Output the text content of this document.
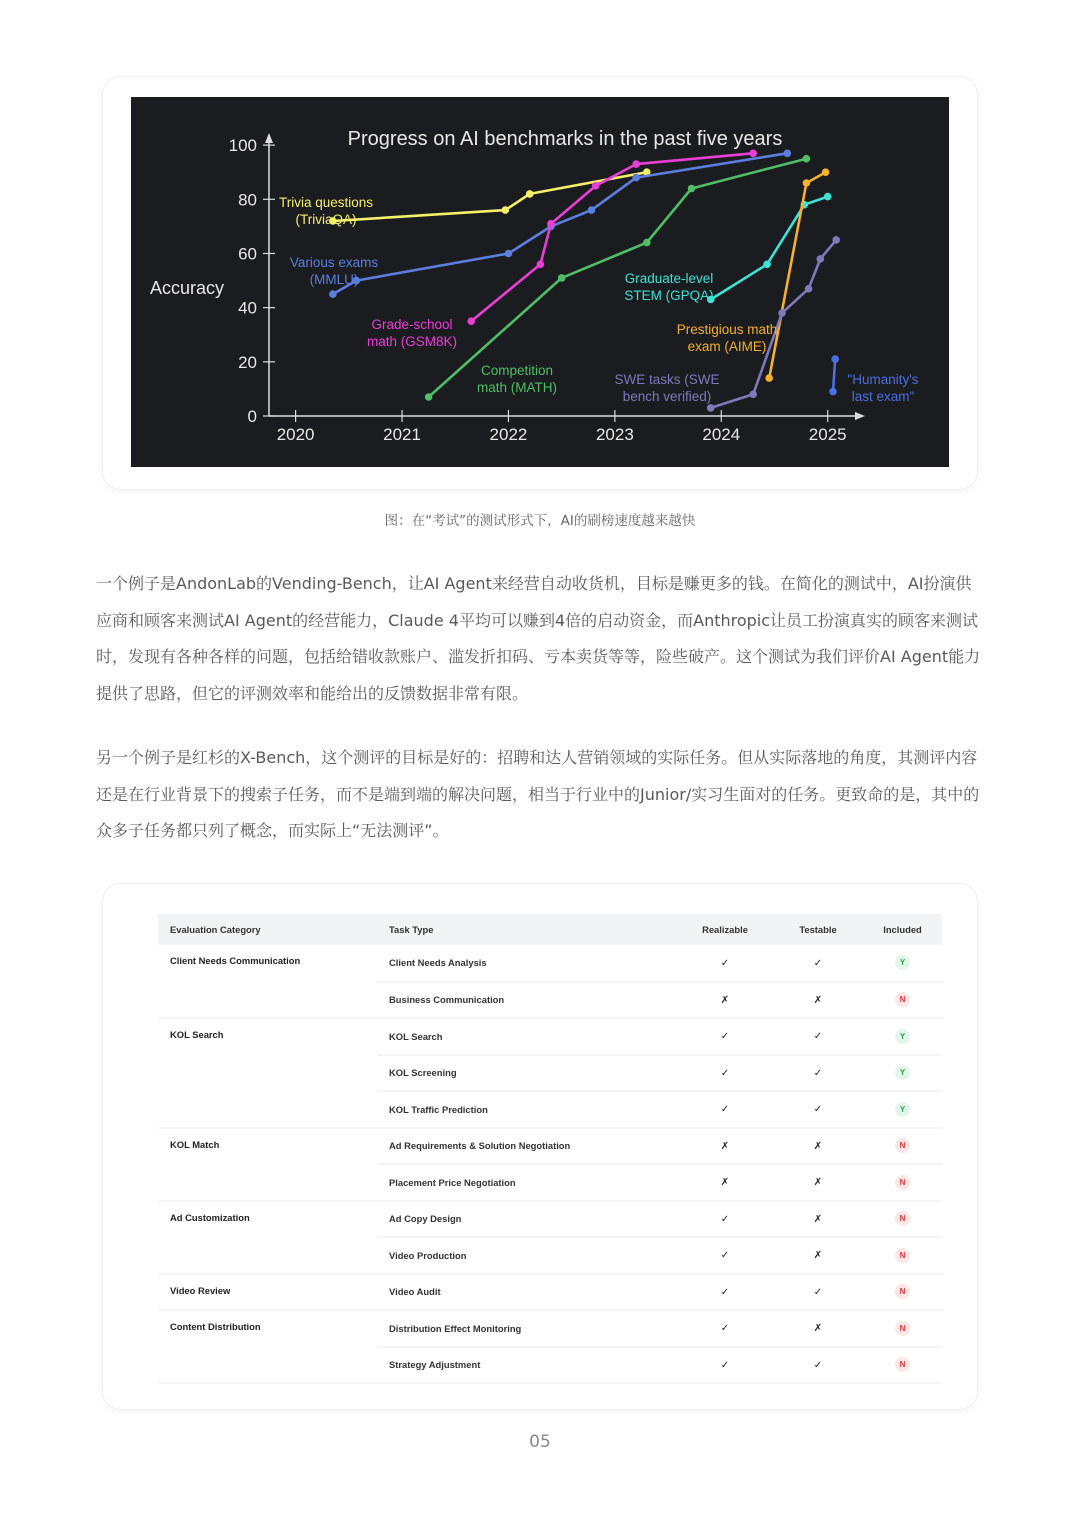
Progress on AI benchmarks in the past five years
Accuracy
0
20
40
60
80
100
2020	2021	2022	2023	2024	2025
Trivia questions (TriviaQA)
Various exams (MMLU)
Grade-school math (GSM8K)
Competition math (MATH)
Graduate-level STEM (GPQA)
Prestigious math exam (AIME)
SWE tasks (SWE bench verified)
"Humanity's last exam"
图：在“考试”的测试形式下，AI的刷榜速度越来越快

一个例子是AndonLab的Vending-Bench，让AI Agent来经营自动收货机，目标是赚更多的钱。在简化的测试中，AI扮演供应商和顾客来测试AI Agent的经营能力，Claude 4平均可以赚到4倍的启动资金，而Anthropic让员工扮演真实的顾客来测试时，发现有各种各样的问题，包括给错收款账户、滥发折扣码、亏本卖货等等，险些破产。这个测试为我们评价AI Agent能力提供了思路，但它的评测效率和能给出的反馈数据非常有限。

另一个例子是红杉的X-Bench，这个测评的目标是好的：招聘和达人营销领域的实际任务。但从实际落地的角度，其测评内容还是在行业背景下的搜索子任务，而不是端到端的解决问题，相当于行业中的Junior/实习生面对的任务。更致命的是，其中的众多子任务都只列了概念，而实际上“无法测评”。

Evaluation Category	Task Type	Realizable	Testable	Included
Client Needs Communication	Client Needs Analysis	✓	✓	Y
	Business Communication	✗	✗	N
KOL Search	KOL Search	✓	✓	Y
	KOL Screening	✓	✓	Y
	KOL Traffic Prediction	✓	✓	Y
KOL Match	Ad Requirements & Solution Negotiation	✗	✗	N
	Placement Price Negotiation	✗	✗	N
Ad Customization	Ad Copy Design	✓	✗	N
	Video Production	✓	✗	N
Video Review	Video Audit	✓	✓	N
Content Distribution	Distribution Effect Monitoring	✓	✗	N
	Strategy Adjustment	✓	✓	N
05
